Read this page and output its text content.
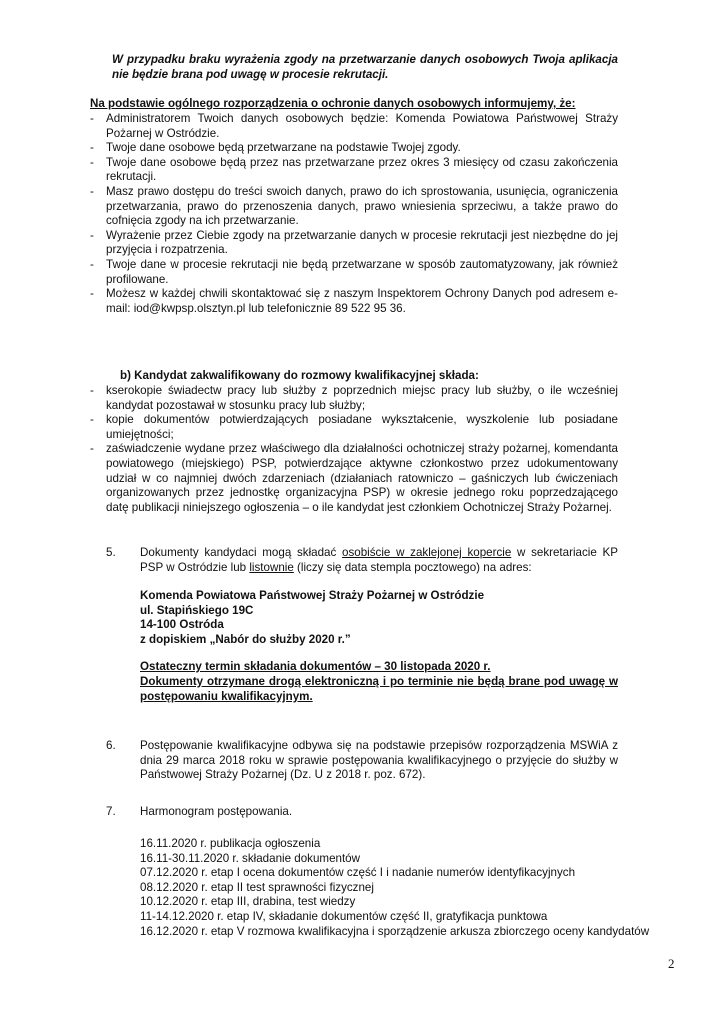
W przypadku braku wyrażenia zgody na przetwarzanie danych osobowych Twoja aplikacja nie będzie brana pod uwagę w procesie rekrutacji.
Na podstawie ogólnego rozporządzenia o ochronie danych osobowych informujemy, że:

- Administratorem Twoich danych osobowych będzie: Komenda Powiatowa Państwowej Straży Pożarnej w Ostródzie.

- Twoje dane osobowe będą przetwarzane na podstawie Twojej zgody.

- Twoje dane osobowe będą przez nas przetwarzane przez okres 3 miesięcy od czasu zakończenia rekrutacji.

- Masz prawo dostępu do treści swoich danych, prawo do ich sprostowania, usunięcia, ograniczenia przetwarzania, prawo do przenoszenia danych, prawo wniesienia sprzeciwu, a także prawo do cofnięcia zgody na ich przetwarzanie.

- Wyrażenie przez Ciebie zgody na przetwarzanie danych w procesie rekrutacji jest niezbędne do jej przyjęcia i rozpatrzenia.

- Twoje dane w procesie rekrutacji nie będą przetwarzane w sposób zautomatyzowany, jak również profilowane.

- Możesz w każdej chwili skontaktować się z naszym Inspektorem Ochrony Danych pod adresem e-mail: iod@kwpsp.olsztyn.pl lub telefonicznie 89 522 95 36.

b) Kandydat zakwalifikowany do rozmowy kwalifikacyjnej składa:

- kserokopie świadectw pracy lub służby z poprzednich miejsc pracy lub służby, o ile wcześniej kandydat pozostawał w stosunku pracy lub służby;

- kopie dokumentów potwierdzających posiadane wykształcenie, wyszkolenie lub posiadane umiejętności;

- zaświadczenie wydane przez właściwego dla działalności ochotniczej straży pożarnej, komendanta powiatowego (miejskiego) PSP, potwierdzające aktywne członkostwo przez udokumentowany udział w co najmniej dwóch zdarzeniach (działaniach ratowniczo – gaśniczych lub ćwiczeniach organizowanych przez jednostkę organizacyjna PSP) w okresie jednego roku poprzedzającego datę publikacji niniejszego ogłoszenia – o ile kandydat jest członkiem Ochotniczej Straży Pożarnej.

5. Dokumenty kandydaci mogą składać osobiście w zaklejonej kopercie w sekretariacie KP PSP w Ostródzie lub listownie (liczy się data stempla pocztowego) na adres:
Komenda Powiatowa Państwowej Straży Pożarnej w Ostródzie
ul. Stapińskiego 19C
14-100 Ostróda
z dopiskiem „Nabór do służby 2020 r.”
Ostateczny termin składania dokumentów – 30 listopada 2020 r.
Dokumenty otrzymane drogą elektroniczną i po terminie nie będą brane pod uwagę w postępowaniu kwalifikacyjnym.
6. Postępowanie kwalifikacyjne odbywa się na podstawie przepisów rozporządzenia MSWiA z dnia 29 marca 2018 roku w sprawie postępowania kwalifikacyjnego o przyjęcie do służby w Państwowej Straży Pożarnej (Dz. U z 2018 r. poz. 672).
7. Harmonogram postępowania.
16.11.2020 r. publikacja ogłoszenia
16.11-30.11.2020 r. składanie dokumentów
07.12.2020 r. etap I ocena dokumentów część I i nadanie numerów identyfikacyjnych
08.12.2020 r. etap II test sprawności fizycznej
10.12.2020 r. etap III, drabina, test wiedzy
11-14.12.2020 r. etap IV, składanie dokumentów część II, gratyfikacja punktowa
16.12.2020 r. etap V rozmowa kwalifikacyjna i sporządzenie arkusza zbiorczego oceny kandydatów
2
